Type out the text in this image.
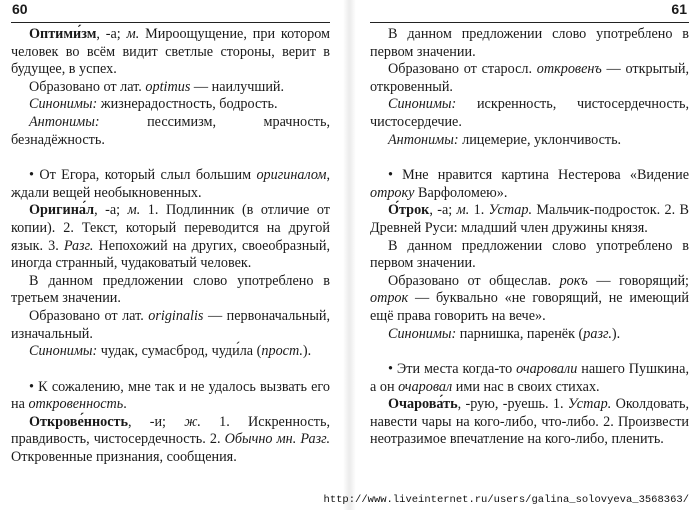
60

Оптими́зм, -а; м. Мироощущение, при котором человек во всём видит светлые стороны, верит в будущее, в успех.

Образовано от лат. optimus — наилучший.

Синонимы: жизнерадостность, бодрость.

Антонимы: пессимизм, мрачность, безнадёжность.

• От Егора, который слыл большим оригиналом, ждали вещей необыкновенных.

Оригина́л, -а; м. 1. Подлинник (в отличие от копии). 2. Текст, который переводится на другой язык. 3. Разг. Непохожий на других, своеобразный, иногда странный, чудаковатый человек.

В данном предложении слово употреблено в третьем значении.

Образовано от лат. originalis — первоначальный, изначальный.

Синонимы: чудак, сумасброд, чуди́ла (прост.).

• К сожалению, мне так и не удалось вызвать его на откровенность.

Открове́нность, -и; ж. 1. Искренность, правдивость, чистосердечность. 2. Обычно мн. Разг. Откровенные признания, сообщения.

61

В данном предложении слово употреблено в первом значении.

Образовано от старосл. откровенъ — открытый, откровенный.

Синонимы: искренность, чистосердечность, чистосердечие.

Антонимы: лицемерие, уклончивость.

• Мне нравится картина Нестерова «Видение отроку Варфоломею».

О́трок, -а; м. 1. Устар. Мальчик-подросток. 2. В Древней Руси: младший член дружины князя.

В данном предложении слово употреблено в первом значении.

Образовано от общеслав. рокъ — говорящий; отрок — буквально «не говорящий, не имеющий ещё права говорить на вече».

Синонимы: парнишка, паренёк (разг.).

• Эти места когда-то очаровали нашего Пушкина, а он очаровал ими нас в своих стихах.

Очарова́ть, -рую, -руешь. 1. Устар. Околдовать, навести чары на кого-либо, что-либо. 2. Произвести неотразимое впечатление на кого-либо, пленить.

http://www.liveinternet.ru/users/galina_solovyeva_3568363/
